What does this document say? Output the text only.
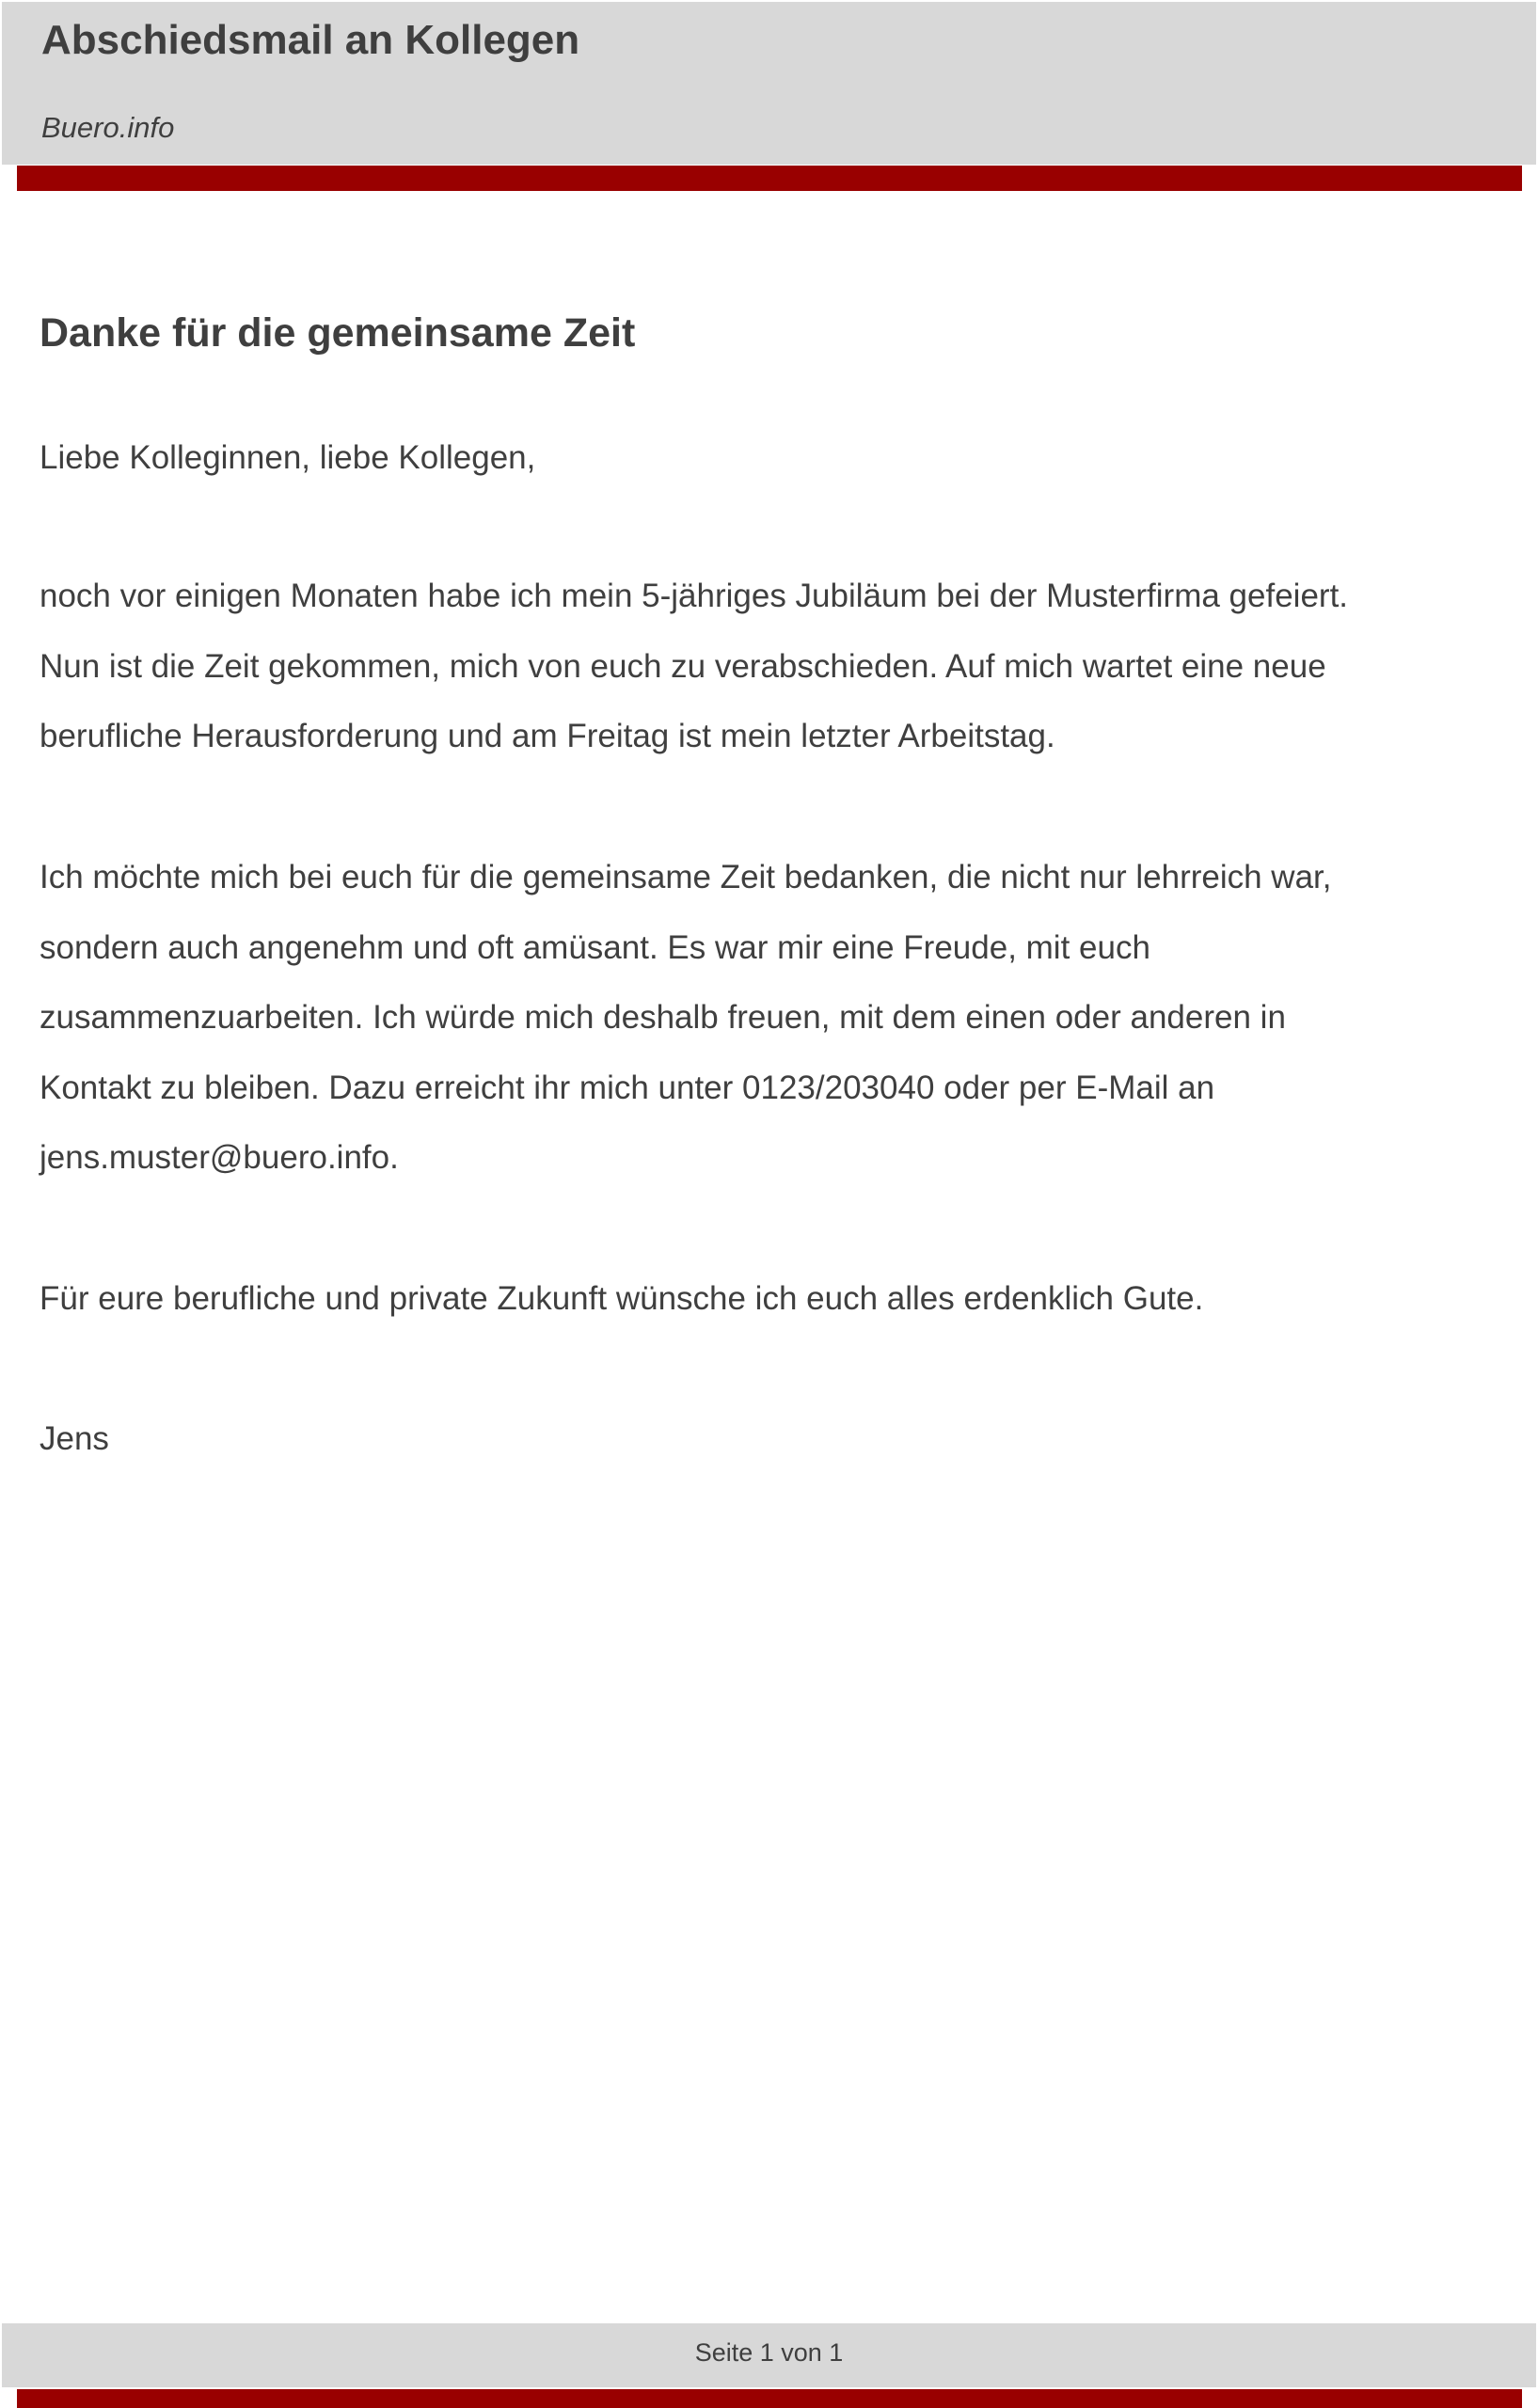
Abschiedsmail an Kollegen
Buero.info
Danke für die gemeinsame Zeit
Liebe Kolleginnen, liebe Kollegen,
noch vor einigen Monaten habe ich mein 5-jähriges Jubiläum bei der Musterfirma gefeiert.
Nun ist die Zeit gekommen, mich von euch zu verabschieden. Auf mich wartet eine neue
berufliche Herausforderung und am Freitag ist mein letzter Arbeitstag.
Ich möchte mich bei euch für die gemeinsame Zeit bedanken, die nicht nur lehrreich war,
sondern auch angenehm und oft amüsant. Es war mir eine Freude, mit euch
zusammenzuarbeiten. Ich würde mich deshalb freuen, mit dem einen oder anderen in
Kontakt zu bleiben. Dazu erreicht ihr mich unter 0123/203040 oder per E-Mail an
jens.muster@buero.info.
Für eure berufliche und private Zukunft wünsche ich euch alles erdenklich Gute.
Jens
Seite 1 von 1
